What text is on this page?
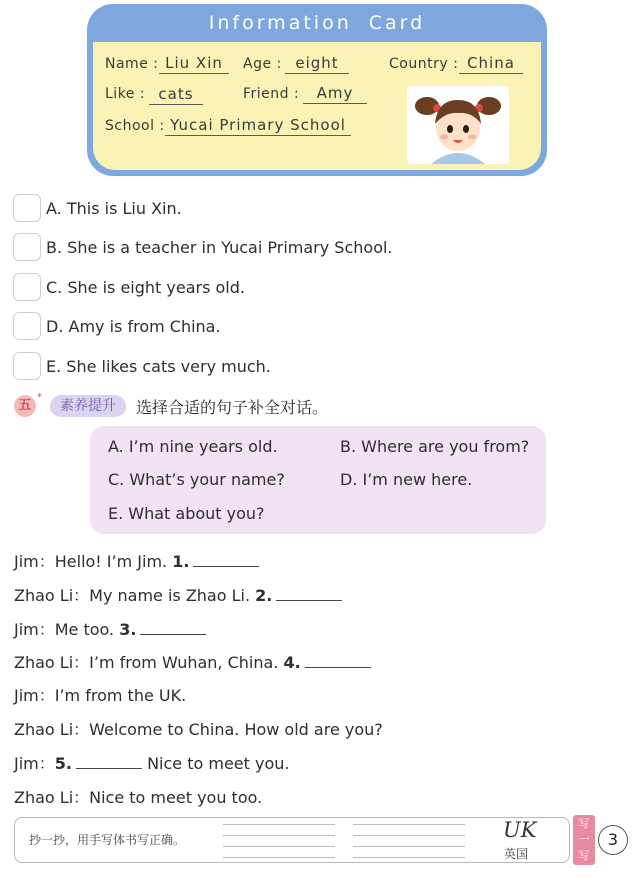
Information Card
Name : Liu Xin	Age : eight	Country : China
Like : cats	Friend :	Amy
School : Yucai Primary School
A. This is Liu Xin.
B. She is a teacher in Yucai Primary School.
C. She is eight years old.
D. Amy is from China.
E. She likes cats very much.
五
*
素养提升	选择合适的句子补全对话。
A. I’m nine years old.	B. Where are you from?
C. What’s your name?	D. I’m new here.
E. What about you?
Jim：Hello! I’m Jim. 1.
Zhao Li：My name is Zhao Li. 2.
Jim：Me too. 3.
Zhao Li：I’m from Wuhan, China. 4.
Jim：I’m from the UK.
Zhao Li：Welcome to China. How old are you?
Jim：5.	Nice to meet you.
Zhao Li：Nice to meet you too.
抄一抄，用手写体书写正确。	UK
英国
写一写
3
